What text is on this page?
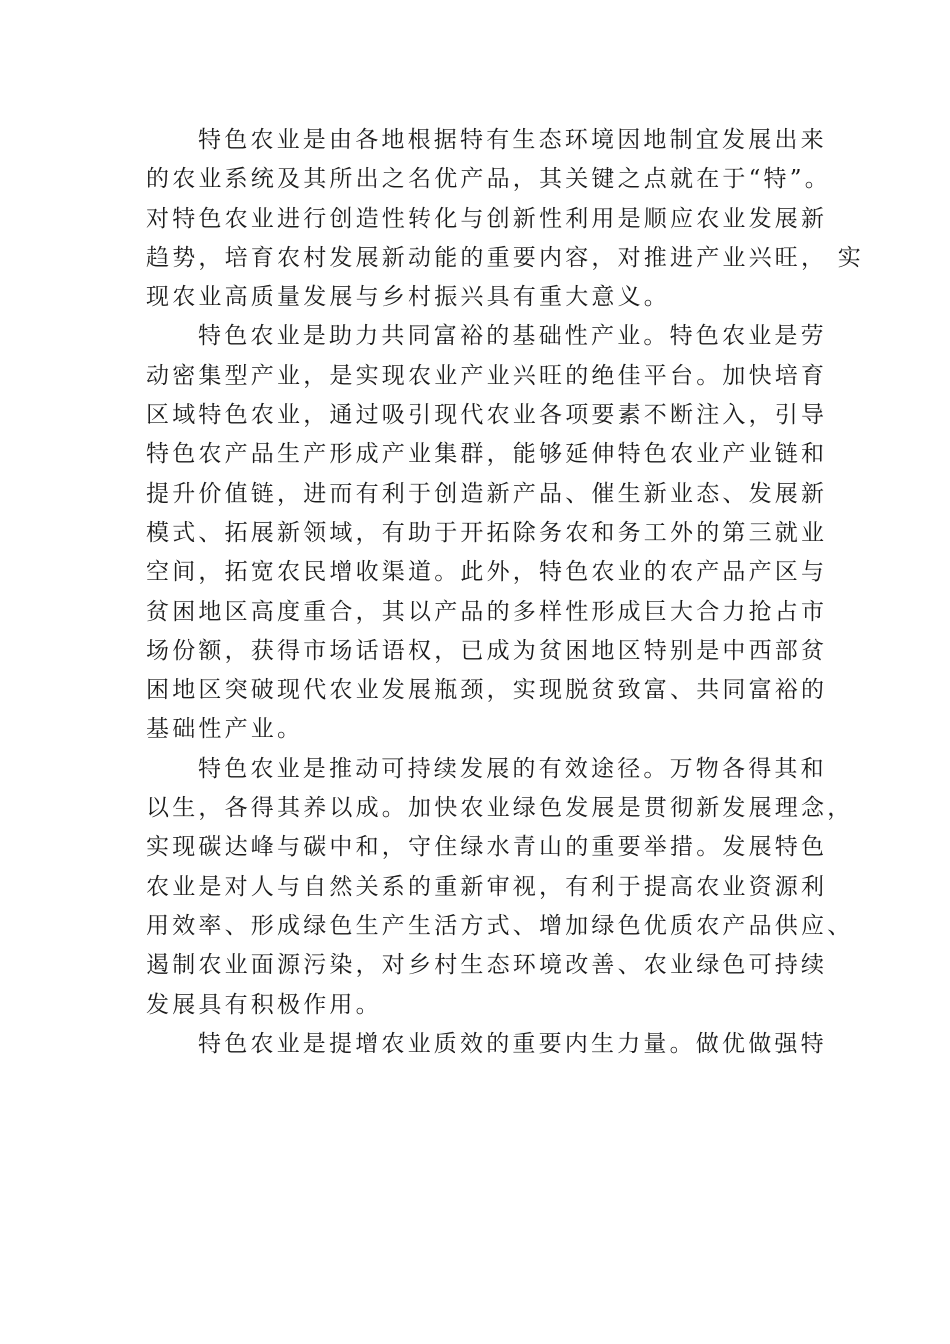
特色农业是由各地根据特有生态环境因地制宜发展出来
的农业系统及其所出之名优产品，其关键之点就在于“特”。
对特色农业进行创造性转化与创新性利用是顺应农业发展新
趋势，培育农村发展新动能的重要内容，对推进产业兴旺， 实
现农业高质量发展与乡村振兴具有重大意义。
特色农业是助力共同富裕的基础性产业。特色农业是劳
动密集型产业，是实现农业产业兴旺的绝佳平台。加快培育
区域特色农业，通过吸引现代农业各项要素不断注入，引导
特色农产品生产形成产业集群，能够延伸特色农业产业链和
提升价值链，进而有利于创造新产品、催生新业态、发展新
模式、拓展新领域，有助于开拓除务农和务工外的第三就业
空间，拓宽农民增收渠道。此外，特色农业的农产品产区与
贫困地区高度重合，其以产品的多样性形成巨大合力抢占市
场份额，获得市场话语权，已成为贫困地区特别是中西部贫
困地区突破现代农业发展瓶颈，实现脱贫致富、共同富裕的
基础性产业。
特色农业是推动可持续发展的有效途径。万物各得其和
以生，各得其养以成。加快农业绿色发展是贯彻新发展理念，
实现碳达峰与碳中和，守住绿水青山的重要举措。发展特色
农业是对人与自然关系的重新审视，有利于提高农业资源利
用效率、形成绿色生产生活方式、增加绿色优质农产品供应、
遏制农业面源污染，对乡村生态环境改善、农业绿色可持续
发展具有积极作用。
特色农业是提增农业质效的重要内生力量。做优做强特
